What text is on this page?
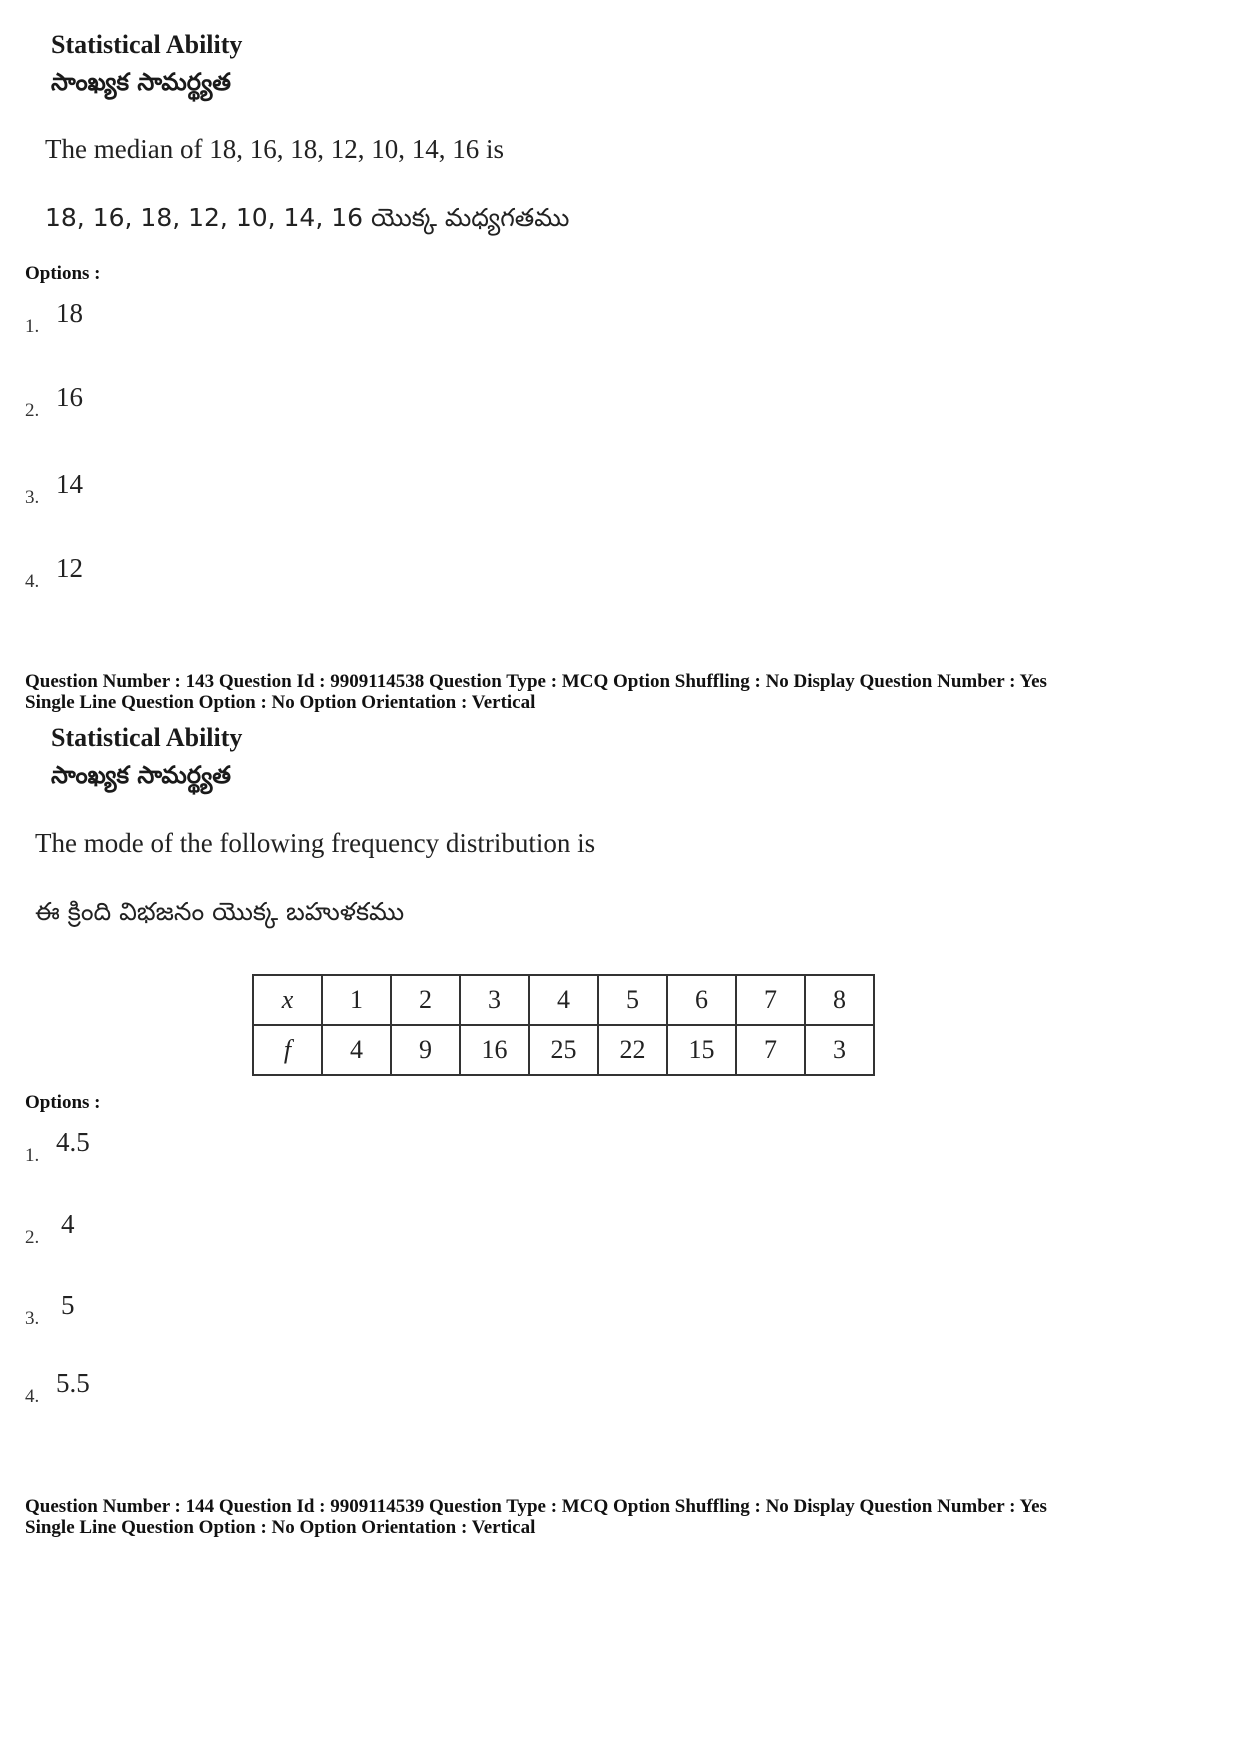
Statistical Ability
సాంఖ్యక సామర్థ్యత
The median of 18, 16, 18, 12, 10, 14, 16 is
18, 16, 18, 12, 10, 14, 16 యొక్క మధ్యగతము
Options :
1. 18
2. 16
3. 14
4. 12
Question Number : 143 Question Id : 9909114538 Question Type : MCQ Option Shuffling : No Display Question Number : Yes
Single Line Question Option : No Option Orientation : Vertical
Statistical Ability
సాంఖ్యక సామర్థ్యత
The mode of the following frequency distribution is
ఈ క్రింది విభజనం యొక్క బహుళకము
x	1	2	3	4	5	6	7	8
f	4	9	16	25	22	15	7	3
Options :
1. 4.5
2. 4
3. 5
4. 5.5
Question Number : 144 Question Id : 9909114539 Question Type : MCQ Option Shuffling : No Display Question Number : Yes
Single Line Question Option : No Option Orientation : Vertical
